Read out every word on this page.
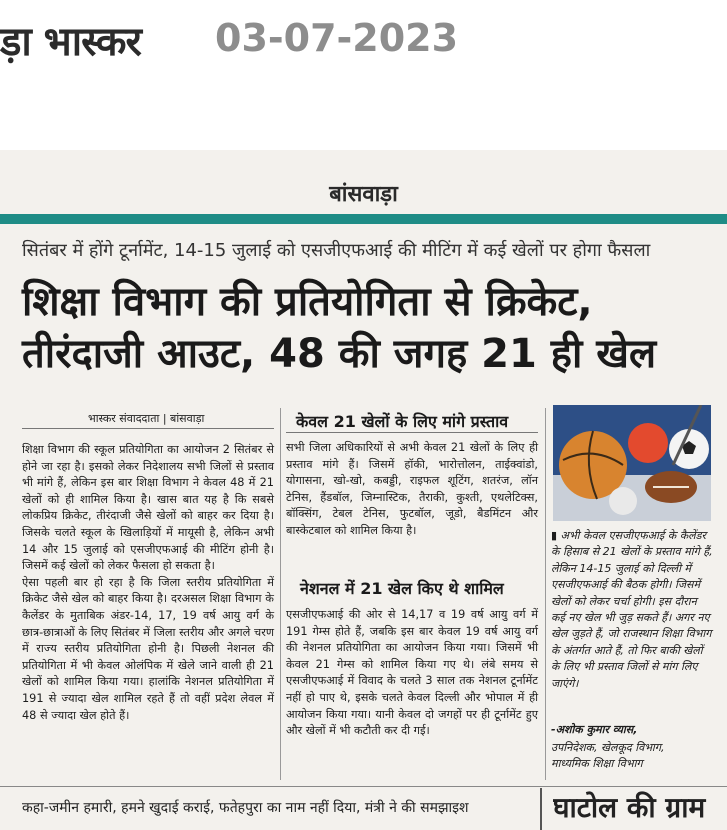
ड़ा भास्कर 03-07-2023
बांसवाड़ा
सितंबर में होंगे टूर्नामेंट, 14-15 जुलाई को एसजीएफआई की मीटिंग में कई खेलों पर होगा फैसला
शिक्षा विभाग की प्रतियोगिता से क्रिकेट,
तीरंदाजी आउट, 48 की जगह 21 ही खेल
भास्कर संवाददाता | बांसवाड़ा

शिक्षा विभाग की स्कूल प्रतियोगिता का आयोजन 2 सितंबर से होने जा रहा है। इसको लेकर निदेशालय सभी जिलों से प्रस्ताव भी मांगे हैं, लेकिन इस बार शिक्षा विभाग ने केवल 48 में 21 खेलों को ही शामिल किया है। खास बात यह है कि सबसे लोकप्रिय क्रिकेट, तीरंदाजी जैसे खेलों को बाहर कर दिया है। जिसके चलते स्कूल के खिलाड़ियों में मायूसी है, लेकिन अभी 14 और 15 जुलाई को एसजीएफआई की मीटिंग होनी है। जिसमें कई खेलों को लेकर फैसला हो सकता है।

ऐसा पहली बार हो रहा है कि जिला स्तरीय प्रतियोगिता में क्रिकेट जैसे खेल को बाहर किया है। दरअसल शिक्षा विभाग के कैलेंडर के मुताबिक अंडर-14, 17, 19 वर्ष आयु वर्ग के छात्र-छात्राओं के लिए सितंबर में जिला स्तरीय और अगले चरण में राज्य स्तरीय प्रतियोगिता होनी है। पिछली नेशनल की प्रतियोगिता में भी केवल ओलंपिक में खेले जाने वाली ही 21 खेलों को शामिल किया गया। हालांकि नेशनल प्रतियोगिता में 191 से ज्यादा खेल शामिल रहते हैं तो वहीं प्रदेश लेवल में 48 से ज्यादा खेल होते हैं।

केवल 21 खेलों के लिए मांगे प्रस्ताव

सभी जिला अधिकारियों से अभी केवल 21 खेलों के लिए ही प्रस्ताव मांगे हैं। जिसमें हॉकी, भारोत्तोलन, ताईक्वांडो, योगासना, खो-खो, कबड्डी, राइफल शूटिंग, शतरंज, लॉन टेनिस, हैंडबॉल, जिम्नास्टिक, तैराकी, कुश्ती, एथलेटिक्स, बॉक्सिंग, टेबल टेनिस, फुटबॉल, जूडो, बैडमिंटन और बास्केटबाल को शामिल किया है।

नेशनल में 21 खेल किए थे शामिल

एसजीएफआई की ओर से 14,17 व 19 वर्ष आयु वर्ग में 191 गेम्स होते हैं, जबकि इस बार केवल 19 वर्ष आयु वर्ग की नेशनल प्रतियोगिता का आयोजन किया गया। जिसमें भी केवल 21 गेम्स को शामिल किया गए थे। लंबे समय से एसजीएफआई में विवाद के चलते 3 साल तक नेशनल टूर्नामेंट नहीं हो पाए थे, इसके चलते केवल दिल्ली और भोपाल में ही आयोजन किया गया। यानी केवल दो जगहों पर ही टूर्नामेंट हुए और खेलों में भी कटौती कर दी गई।

▮ अभी केवल एसजीएफआई के कैलेंडर के हिसाब से 21 खेलों के प्रस्ताव मांगे हैं, लेकिन 14-15 जुलाई को दिल्ली में एसजीएफआई की बैठक होगी। जिसमें खेलों को लेकर चर्चा होगी। इस दौरान कई नए खेल भी जुड़ सकते हैं। अगर नए खेल जुड़ते हैं, जो राजस्थान शिक्षा विभाग के अंतर्गत आते हैं, तो फिर बाकी खेलों के लिए भी प्रस्ताव जिलों से मांग लिए जाएंगे।
-अशोक कुमार व्यास,
उपनिदेशक, खेलकूद विभाग,
माध्यमिक शिक्षा विभाग
कहा-जमीन हमारी, हमने खुदाई कराई, फतेहपुरा का नाम नहीं दिया, मंत्री ने की समझाइश	घाटोल की ग्राम
